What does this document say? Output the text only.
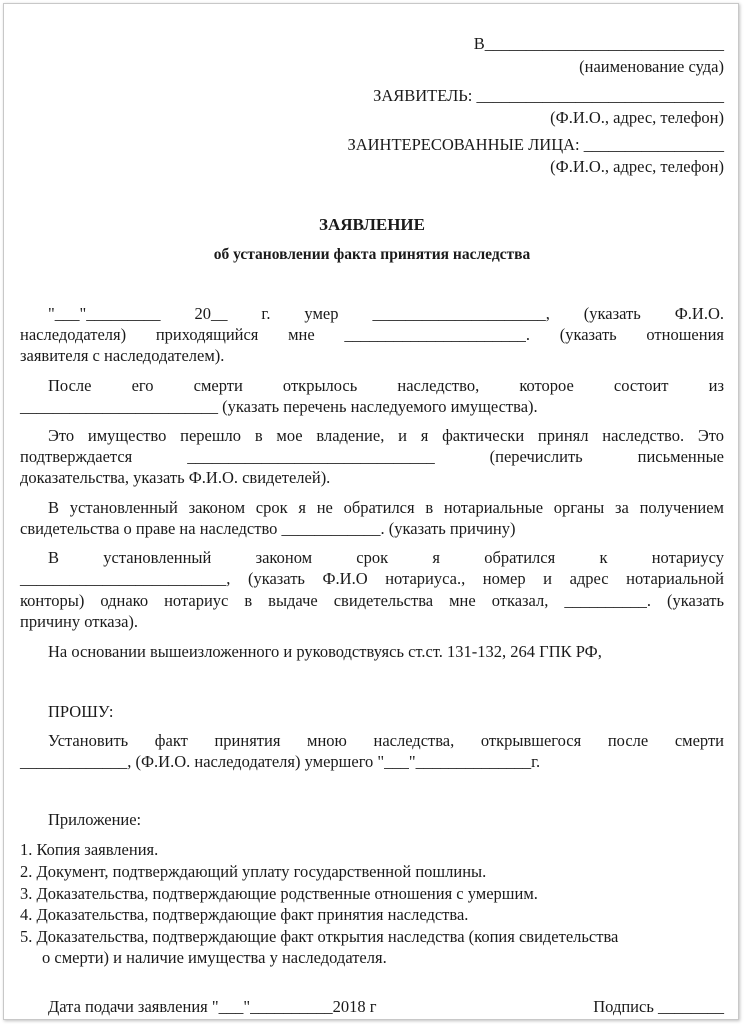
В_____________________________
(наименование суда)
ЗАЯВИТЕЛЬ: ______________________________
(Ф.И.О., адрес, телефон)
ЗАИНТЕРЕСОВАННЫЕ ЛИЦА: _________________
(Ф.И.О., адрес, телефон)
ЗАЯВЛЕНИЕ
об установлении факта принятия наследства
"___"_________ 20__ г. умер _____________________, (указать Ф.И.О.
наследодателя) приходящийся мне ______________________. (указать отношения
заявителя с наследодателем).
После его смерти открылось наследство, которое состоит из
________________________ (указать перечень наследуемого имущества).
Это имущество перешло в мое владение, и я фактически принял наследство. Это
подтверждается ______________________________ (перечислить письменные
доказательства, указать Ф.И.О. свидетелей).
В установленный законом срок я не обратился в нотариальные органы за получением
свидетельства о праве на наследство ____________. (указать причину)
В установленный законом срок я обратился к нотариусу
_________________________, (указать Ф.И.О нотариуса., номер и адрес нотариальной
конторы) однако нотариус в выдаче свидетельства мне отказал, __________. (указать
причину отказа).
На основании вышеизложенного и руководствуясь ст.ст. 131-132, 264 ГПК РФ,
ПРОШУ:
Установить факт принятия мною наследства, открывшегося после смерти
_____________, (Ф.И.О. наследодателя) умершего "___"______________г.
Приложение:
1. Копия заявления.
2. Документ, подтверждающий уплату государственной пошлины.
3. Доказательства, подтверждающие родственные отношения с умершим.
4. Доказательства, подтверждающие факт принятия наследства.
5. Доказательства, подтверждающие факт открытия наследства (копия свидетельства
о смерти) и наличие имущества у наследодателя.
Дата подачи заявления "___"__________2018 г	Подпись ________
